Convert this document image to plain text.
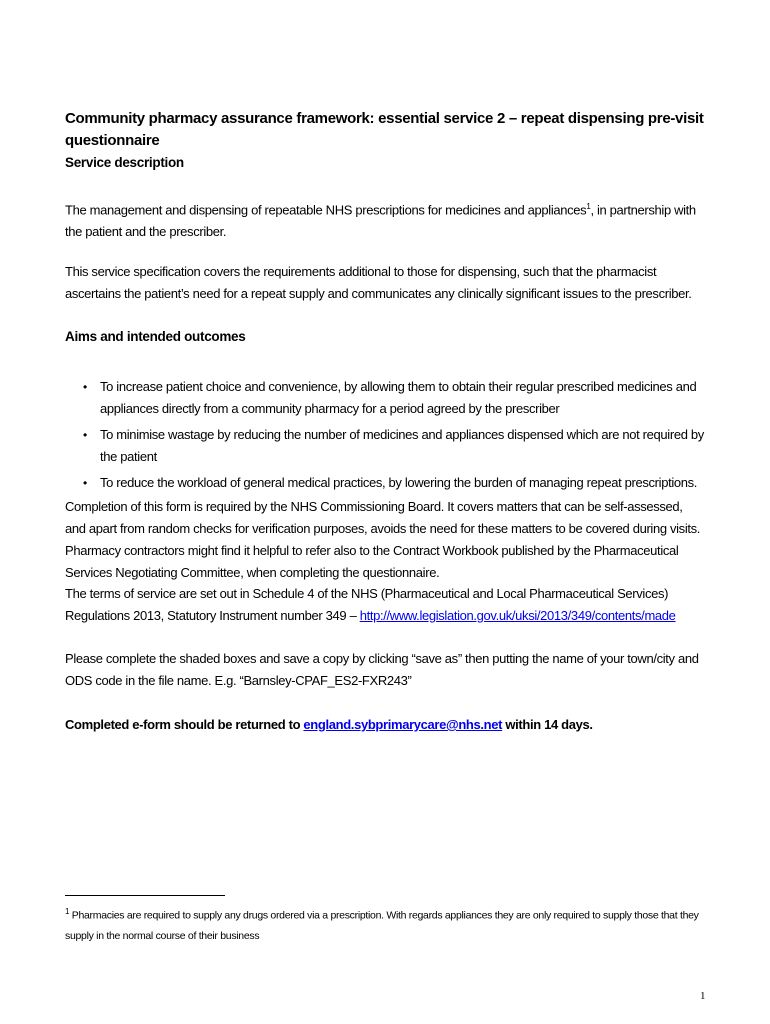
Community pharmacy assurance framework: essential service 2 – repeat dispensing pre-visit questionnaire
Service description

The management and dispensing of repeatable NHS prescriptions for medicines and appliances$^1$, in partnership with the patient and the prescriber.

This service specification covers the requirements additional to those for dispensing, such that the pharmacist ascertains the patient’s need for a repeat supply and communicates any clinically significant issues to the prescriber.

Aims and intended outcomes
• To increase patient choice and convenience, by allowing them to obtain their regular prescribed medicines and appliances directly from a community pharmacy for a period agreed by the prescriber
• To minimise wastage by reducing the number of medicines and appliances dispensed which are not required by the patient
• To reduce the workload of general medical practices, by lowering the burden of managing repeat prescriptions.

Completion of this form is required by the NHS Commissioning Board. It covers matters that can be self-assessed, and apart from random checks for verification purposes, avoids the need for these matters to be covered during visits. Pharmacy contractors might find it helpful to refer also to the Contract Workbook published by the Pharmaceutical Services Negotiating Committee, when completing the questionnaire.

The terms of service are set out in Schedule 4 of the NHS (Pharmaceutical and Local Pharmaceutical Services) Regulations 2013, Statutory Instrument number 349 – http://www.legislation.gov.uk/uksi/2013/349/contents/made

Please complete the shaded boxes and save a copy by clicking “save as” then putting the name of your town/city and ODS code in the file name. E.g. “Barnsley-CPAF_ES2-FXR243”

Completed e-form should be returned to england.sybprimarycare@nhs.net within 14 days.

$^1$ Pharmacies are required to supply any drugs ordered via a prescription. With regards appliances they are only required to supply those that they supply in the normal course of their business

1
